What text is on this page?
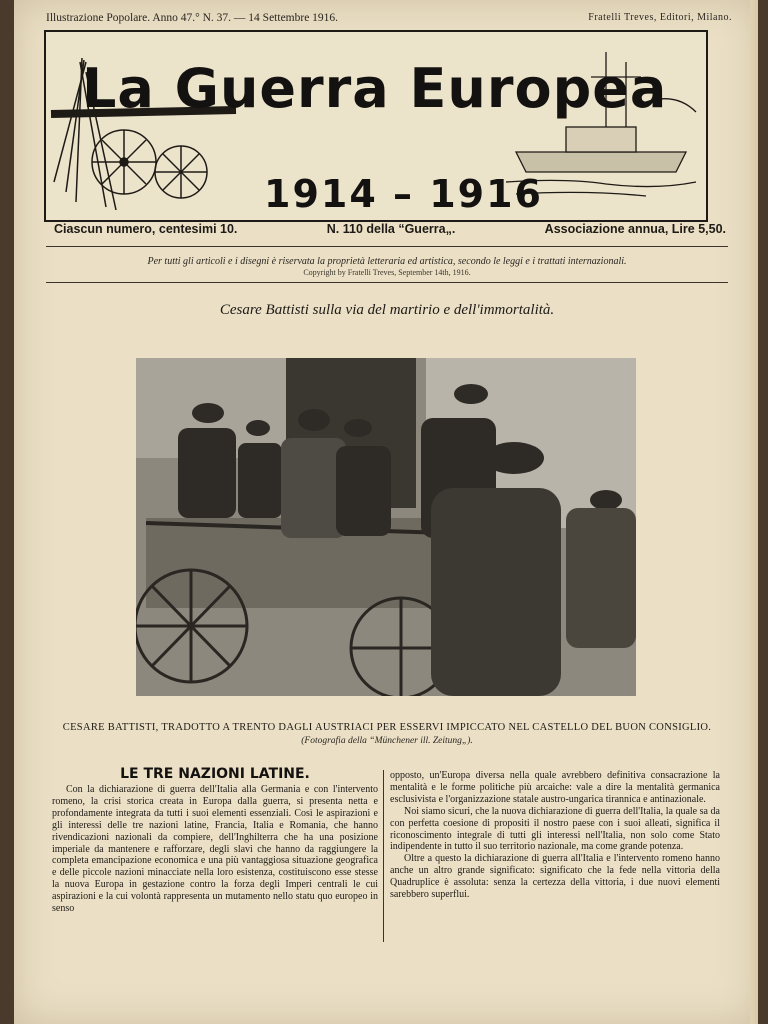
Illustrazione Popolare. Anno 47.° N. 37. — 14 Settembre 1916.	Fratelli Treves, Editori, Milano.
La Guerra Europea
1914 – 1916
Ciascun numero, centesimi 10.	N. 110 della “Guerra„.	Associazione annua, Lire 5,50.
Per tutti gli articoli e i disegni è riservata la proprietà letteraria ed artistica, secondo le leggi e i trattati internazionali.
Copyright by Fratelli Treves, September 14th, 1916.
Cesare Battisti sulla via del martirio e dell'immortalità.
CESARE BATTISTI, TRADOTTO A TRENTO DAGLI AUSTRIACI PER ESSERVI IMPICCATO NEL CASTELLO DEL BUON CONSIGLIO.
(Fotografia della “Münchener ill. Zeitung„).
LE TRE NAZIONI LATINE.

Con la dichiarazione di guerra dell'Italia alla Germania e con l'intervento romeno, la crisi storica creata in Europa dalla guerra, si presenta netta e profondamente integrata da tutti i suoi elementi essenziali. Così le aspirazioni e gli interessi delle tre nazioni latine, Francia, Italia e Romania, che hanno rivendicazioni nazionali da compiere, dell'Inghilterra che ha una posizione imperiale da mantenere e rafforzare, degli slavi che hanno da raggiungere la completa emancipazione economica e una più vantaggiosa situazione geografica e delle piccole nazioni minacciate nella loro esistenza, costituiscono esse stesse la nuova Europa in gestazione contro la forza degli Imperi centrali le cui aspirazioni e la cui volontà rappresenta un mutamento nello statu quo europeo in senso

opposto, un'Europa diversa nella quale avrebbero definitiva consacrazione la mentalità e le forme politiche più arcaiche: vale a dire la mentalità germanica esclusivista e l'organizzazione statale austro-ungarica tirannica e antinazionale.

Noi siamo sicuri, che la nuova dichiarazione di guerra dell'Italia, la quale sa da con perfetta coesione di propositi il nostro paese con i suoi alleati, significa il riconoscimento integrale di tutti gli interessi nell'Italia, non solo come Stato indipendente in tutto il suo territorio nazionale, ma come grande potenza.

Oltre a questo la dichiarazione di guerra all'Italia e l'intervento romeno hanno anche un altro grande significato: significato che la fede nella vittoria della Quadruplice è assoluta: senza la certezza della vittoria, i due nuovi elementi sarebbero superflui.
